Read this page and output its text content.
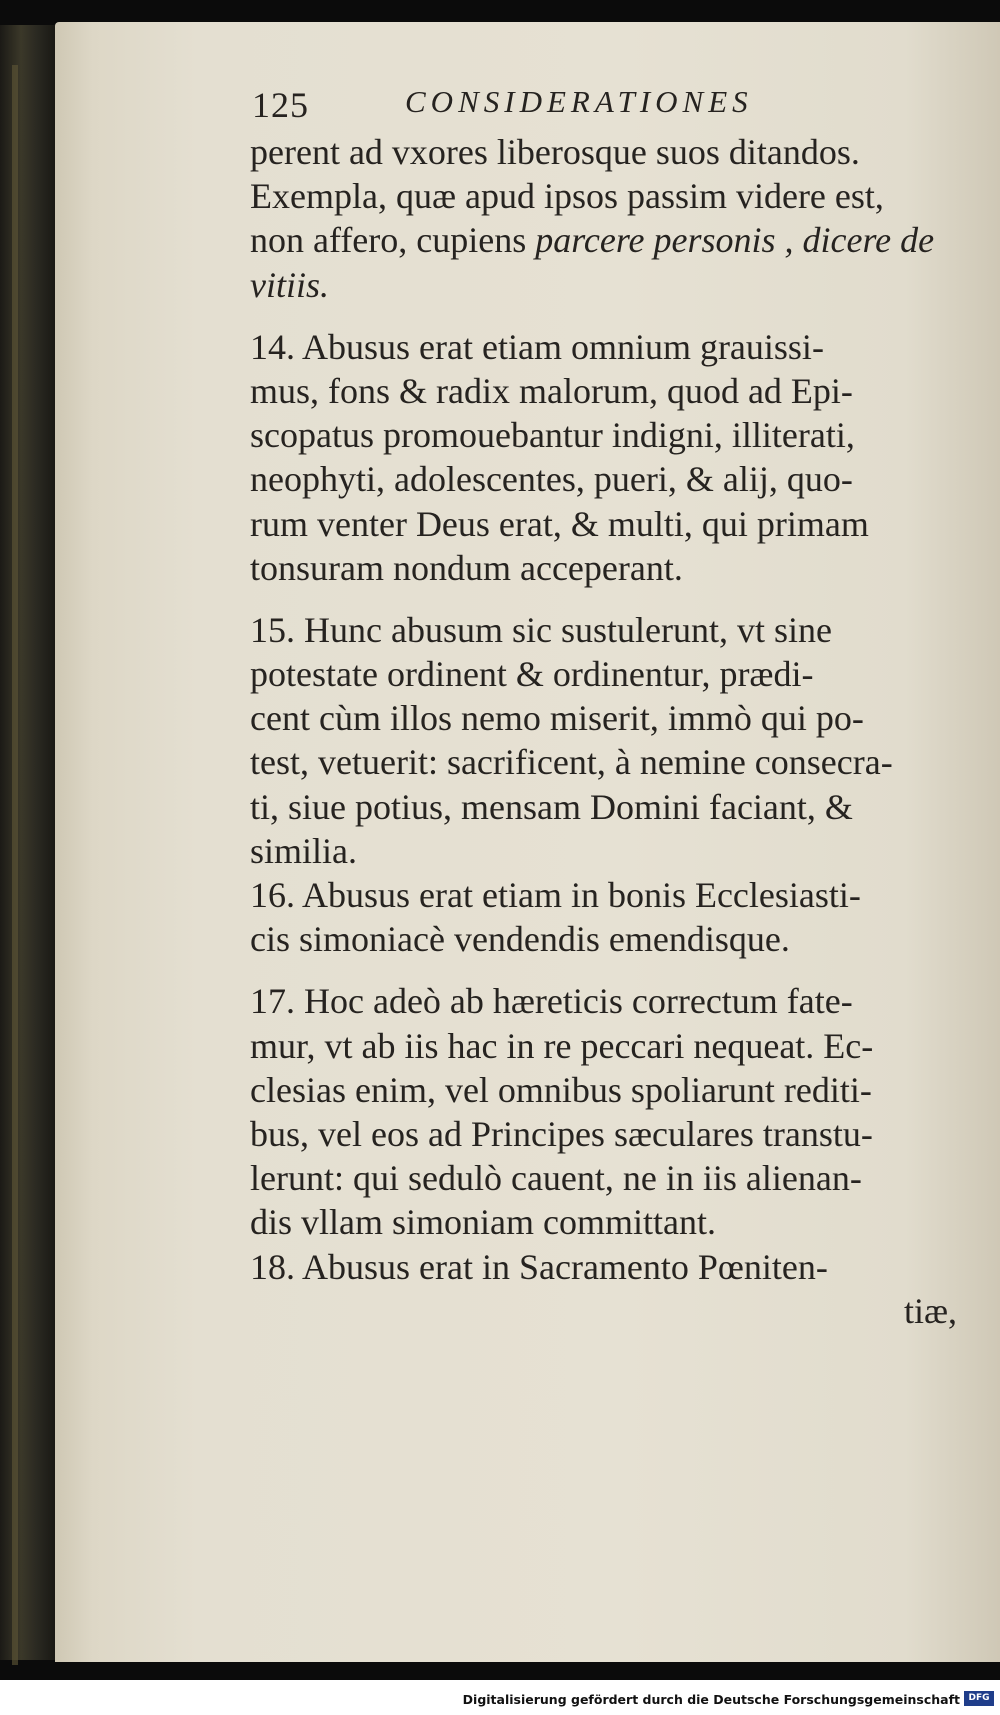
125	CONSIDERATIONES
perent ad vxores liberosque suos ditandos.
Exempla, quæ apud ipsos passim videre est,
non affero, cupiens parcere personis , dicere de
vitiis.
14. Abusus erat etiam omnium grauissi-
mus, fons & radix malorum, quod ad Epi-
scopatus promouebantur indigni, illiterati,
neophyti, adolescentes, pueri, & alij, quo-
rum venter Deus erat, & multi, qui primam
tonsuram nondum acceperant.
15. Hunc abusum sic sustulerunt, vt sine
potestate ordinent & ordinentur, prædi-
cent cùm illos nemo miserit, immò qui po-
test, vetuerit: sacrificent, à nemine consecra-
ti, siue potius, mensam Domini faciant, &
similia.
16. Abusus erat etiam in bonis Ecclesiasti-
cis simoniacè vendendis emendisque.
17. Hoc adeò ab hæreticis correctum fate-
mur, vt ab iis hac in re peccari nequeat. Ec-
clesias enim, vel omnibus spoliarunt rediti-
bus, vel eos ad Principes sæculares transtu-
lerunt: qui sedulò cauent, ne in iis alienan-
dis vllam simoniam committant.
18. Abusus erat in Sacramento Pœniten-
tiæ,
Digitalisierung gefördert durch die Deutsche Forschungsgemeinschaft DFG
